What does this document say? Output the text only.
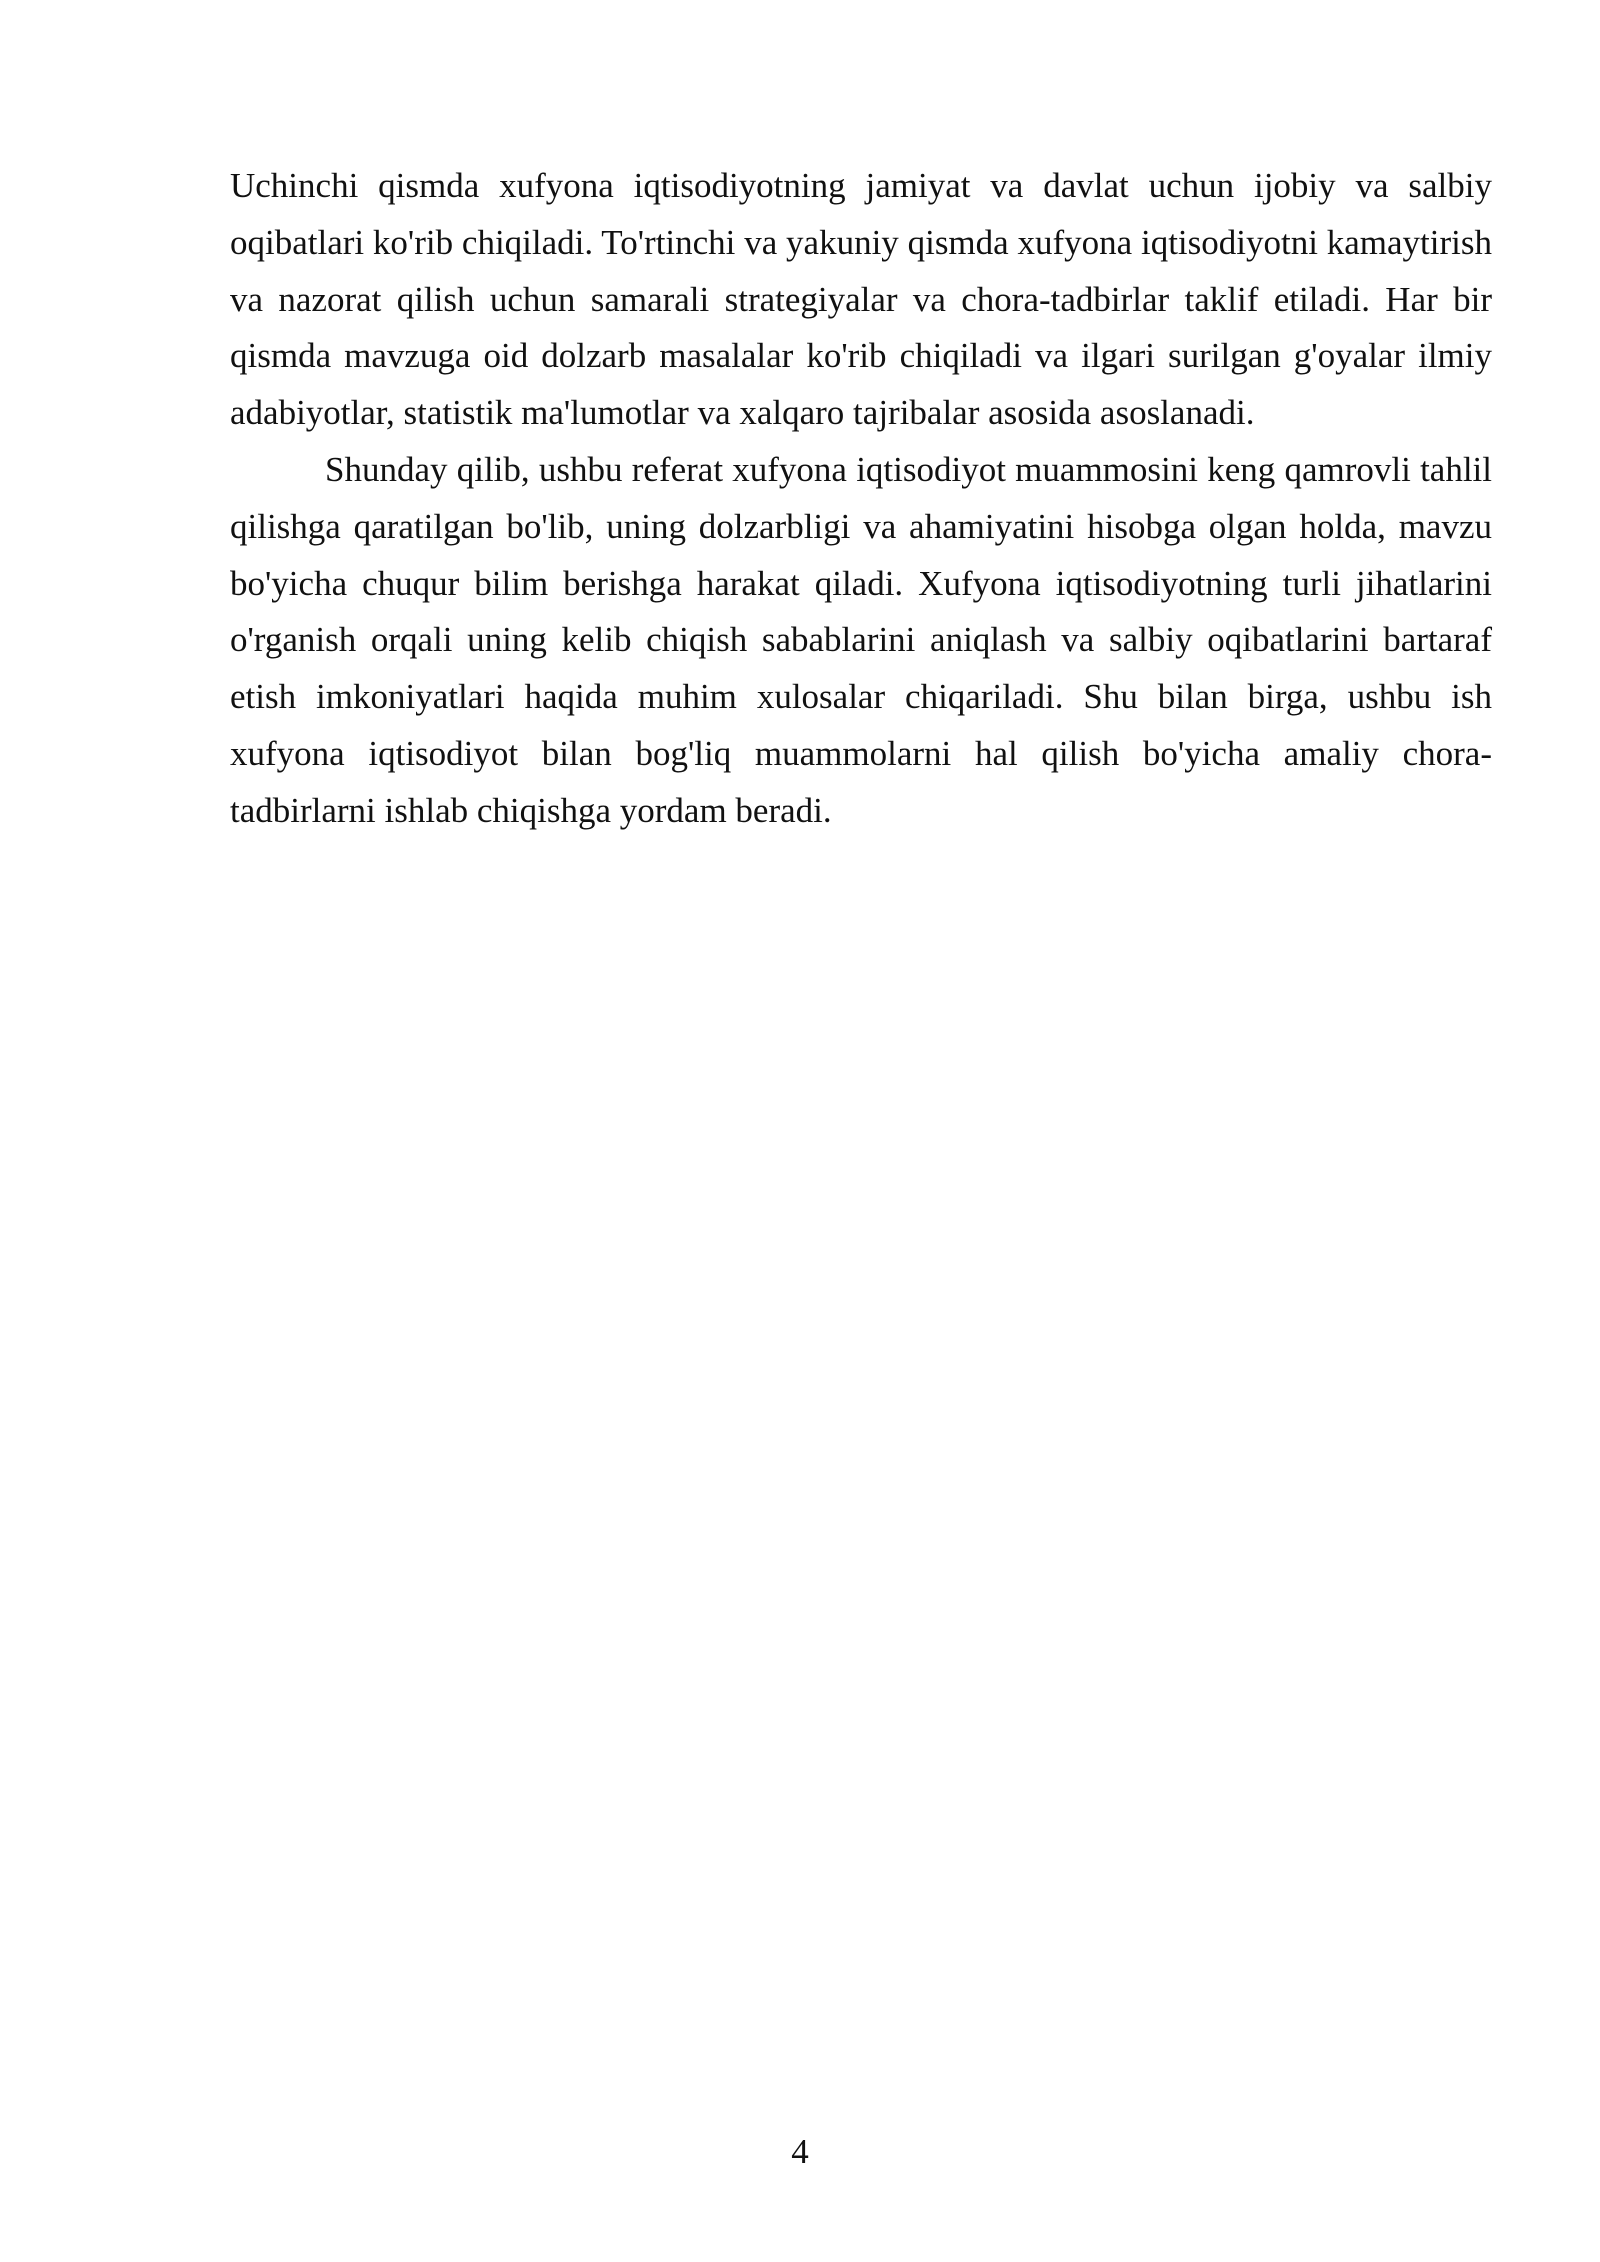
Uchinchi qismda xufyona iqtisodiyotning jamiyat va davlat uchun ijobiy va salbiy oqibatlari ko'rib chiqiladi. To'rtinchi va yakuniy qismda xufyona iqtisodiyotni kamaytirish va nazorat qilish uchun samarali strategiyalar va chora-tadbirlar taklif etiladi. Har bir qismda mavzuga oid dolzarb masalalar ko'rib chiqiladi va ilgari surilgan g'oyalar ilmiy adabiyotlar, statistik ma'lumotlar va xalqaro tajribalar asosida asoslanadi.

Shunday qilib, ushbu referat xufyona iqtisodiyot muammosini keng qamrovli tahlil qilishga qaratilgan bo'lib, uning dolzarbligi va ahamiyatini hisobga olgan holda, mavzu bo'yicha chuqur bilim berishga harakat qiladi. Xufyona iqtisodiyotning turli jihatlarini o'rganish orqali uning kelib chiqish sabablarini aniqlash va salbiy oqibatlarini bartaraf etish imkoniyatlari haqida muhim xulosalar chiqariladi. Shu bilan birga, ushbu ish xufyona iqtisodiyot bilan bog'liq muammolarni hal qilish bo'yicha amaliy chora-tadbirlarni ishlab chiqishga yordam beradi.

4
